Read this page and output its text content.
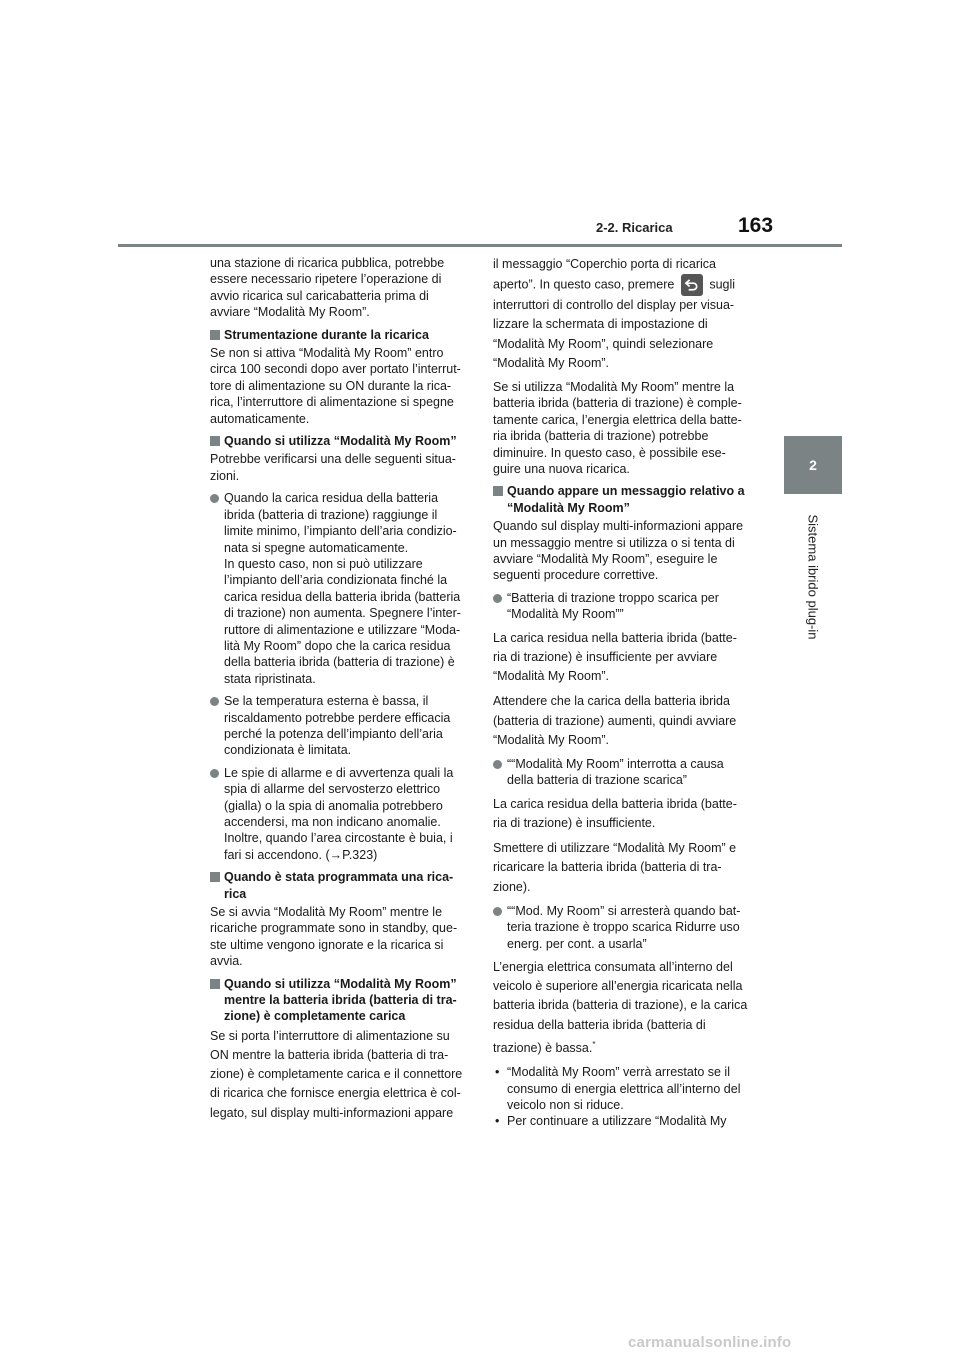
2-2. Ricarica	163
2
Sistema ibrido plug-in

una stazione di ricarica pubblica, potrebbe essere necessario ripetere l’operazione di avvio ricarica sul caricabatteria prima di avviare “Modalità My Room”.

Strumentazione durante la ricarica

Se non si attiva “Modalità My Room” entro circa 100 secondi dopo aver portato l’interrut-tore di alimentazione su ON durante la rica-rica, l’interruttore di alimentazione si spegne automaticamente.

Quando si utilizza “Modalità My Room”

Potrebbe verificarsi una delle seguenti situa-zioni.

Quando la carica residua della batteria ibrida (batteria di trazione) raggiunge il limite minimo, l’impianto dell’aria condizio-nata si spegne automaticamente.
In questo caso, non si può utilizzare l’impianto dell’aria condizionata finché la carica residua della batteria ibrida (batteria di trazione) non aumenta. Spegnere l’inter-ruttore di alimentazione e utilizzare “Moda-lità My Room” dopo che la carica residua della batteria ibrida (batteria di trazione) è stata ripristinata.
Se la temperatura esterna è bassa, il riscaldamento potrebbe perdere efficacia perché la potenza dell’impianto dell’aria condizionata è limitata.
Le spie di allarme e di avvertenza quali la spia di allarme del servosterzo elettrico (gialla) o la spia di anomalia potrebbero accendersi, ma non indicano anomalie.
Inoltre, quando l’area circostante è buia, i fari si accendono. (→P.323)

Quando è stata programmata una rica-rica

Se si avvia “Modalità My Room” mentre le ricariche programmate sono in standby, que-ste ultime vengono ignorate e la ricarica si avvia.

Quando si utilizza “Modalità My Room” mentre la batteria ibrida (batteria di tra-zione) è completamente carica

Se si porta l’interruttore di alimentazione su ON mentre la batteria ibrida (batteria di tra-zione) è completamente carica e il connettore di ricarica che fornisce energia elettrica è col-legato, sul display multi-informazioni appare

il messaggio “Coperchio porta di ricarica aperto”. In questo caso, premere	sugli interruttori di controllo del display per visua-lizzare la schermata di impostazione di “Modalità My Room”, quindi selezionare “Modalità My Room”.

Se si utilizza “Modalità My Room” mentre la batteria ibrida (batteria di trazione) è comple-tamente carica, l’energia elettrica della batte-ria ibrida (batteria di trazione) potrebbe diminuire. In questo caso, è possibile ese-guire una nuova ricarica.

Quando appare un messaggio relativo a “Modalità My Room”

Quando sul display multi-informazioni appare un messaggio mentre si utilizza o si tenta di avviare “Modalità My Room”, eseguire le seguenti procedure correttive.

“Batteria di trazione troppo scarica per “Modalità My Room””

La carica residua nella batteria ibrida (batte-ria di trazione) è insufficiente per avviare “Modalità My Room”.

Attendere che la carica della batteria ibrida (batteria di trazione) aumenti, quindi avviare “Modalità My Room”.

““Modalità My Room” interrotta a causa della batteria di trazione scarica”

La carica residua della batteria ibrida (batte-ria di trazione) è insufficiente.

Smettere di utilizzare “Modalità My Room” e ricaricare la batteria ibrida (batteria di tra-zione).

““Mod. My Room” si arresterà quando bat-teria trazione è troppo scarica Ridurre uso energ. per cont. a usarla”

L’energia elettrica consumata all’interno del veicolo è superiore all’energia ricaricata nella batteria ibrida (batteria di trazione), e la carica residua della batteria ibrida (batteria di trazione) è bassa.*

• “Modalità My Room” verrà arrestato se il consumo di energia elettrica all’interno del veicolo non si riduce.
• Per continuare a utilizzare “Modalità My
carmanualsonline.info
